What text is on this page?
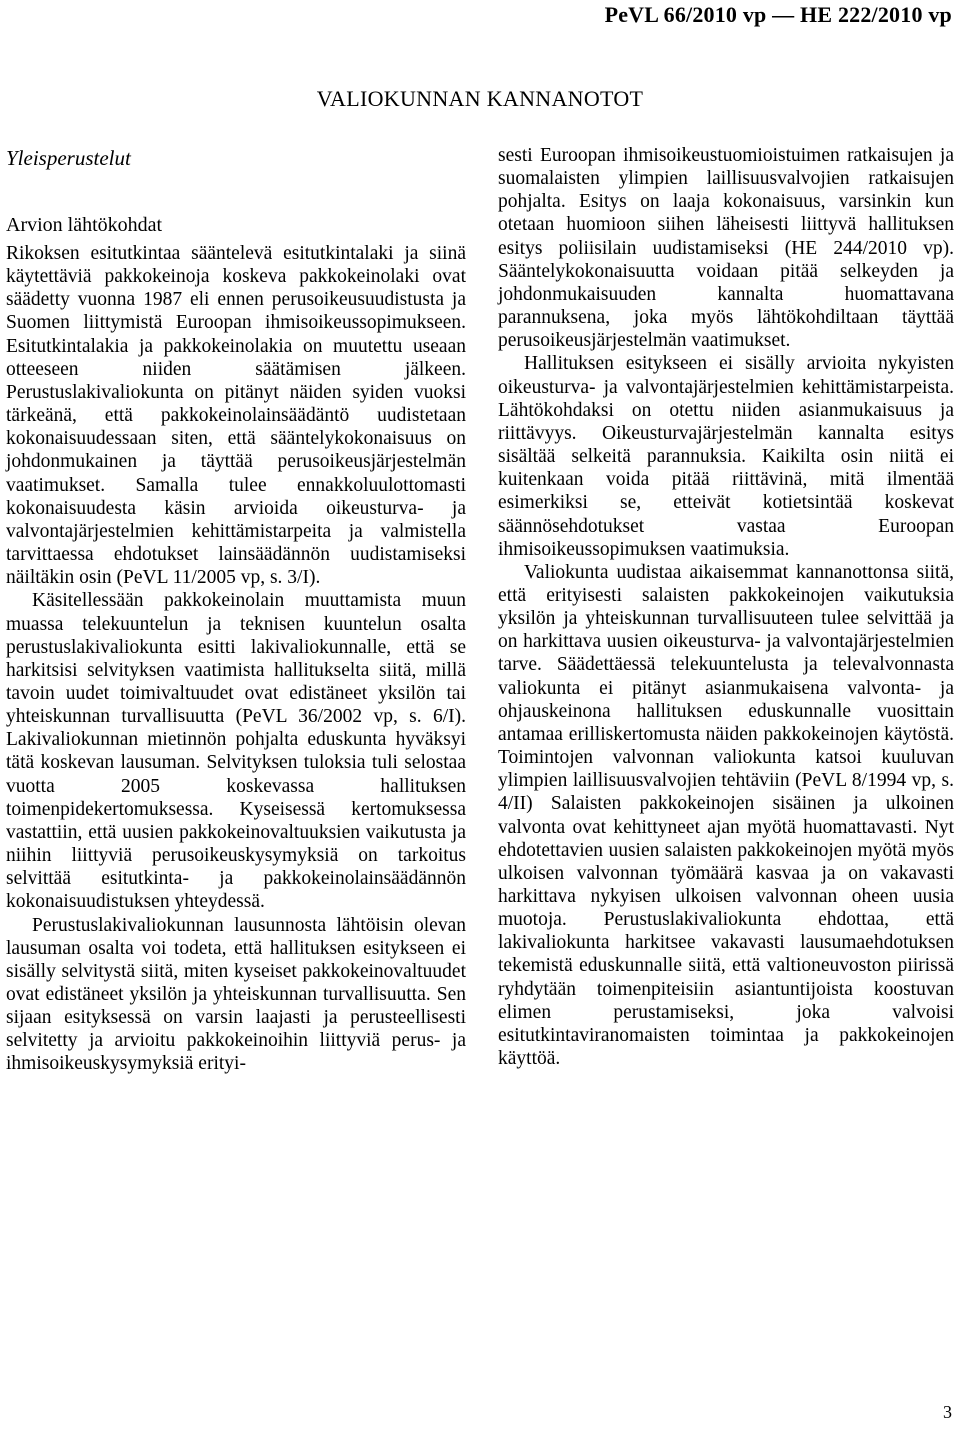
PeVL 66/2010 vp — HE 222/2010 vp
VALIOKUNNAN KANNANOTOT
Yleisperustelut
Arvion lähtökohdat

Rikoksen esitutkintaa sääntelevä esitutkintalaki ja siinä käytettäviä pakkokeinoja koskeva pakkokeinolaki ovat säädetty vuonna 1987 eli ennen perusoikeusuudistusta ja Suomen liittymistä Euroopan ihmisoikeussopimukseen. Esitutkintalakia ja pakkokeinolakia on muutettu useaan otteeseen niiden säätämisen jälkeen. Perustuslakivaliokunta on pitänyt näiden syiden vuoksi tärkeänä, että pakkokeinolainsäädäntö uudistetaan kokonaisuudessaan siten, että sääntelykokonaisuus on johdonmukainen ja täyttää perusoikeusjärjestelmän vaatimukset. Samalla tulee ennakkoluulottomasti kokonaisuudesta käsin arvioida oikeusturva- ja valvontajärjestelmien kehittämistarpeita ja valmistella tarvittaessa ehdotukset lainsäädännön uudistamiseksi näiltäkin osin (PeVL 11/2005 vp, s. 3/I).

Käsitellessään pakkokeinolain muuttamista muun muassa telekuuntelun ja teknisen kuuntelun osalta perustuslakivaliokunta esitti lakivaliokunnalle, että se harkitsisi selvityksen vaatimista hallitukselta siitä, millä tavoin uudet toimivaltuudet ovat edistäneet yksilön tai yhteiskunnan turvallisuutta (PeVL 36/2002 vp, s. 6/I). Lakivaliokunnan mietinnön pohjalta eduskunta hyväksyi tätä koskevan lausuman. Selvityksen tuloksia tuli selostaa vuotta 2005 koskevassa hallituksen toimenpidekertomuksessa. Kyseisessä kertomuksessa vastattiin, että uusien pakkokeinovaltuuksien vaikutusta ja niihin liittyviä perusoikeuskysymyksiä on tarkoitus selvittää esitutkinta- ja pakkokeinolainsäädännön kokonaisuudistuksen yhteydessä.

Perustuslakivaliokunnan lausunnosta lähtöisin olevan lausuman osalta voi todeta, että hallituksen esitykseen ei sisälly selvitystä siitä, miten kyseiset pakkokeinovaltuudet ovat edistäneet yksilön ja yhteiskunnan turvallisuutta. Sen sijaan esityksessä on varsin laajasti ja perusteellisesti selvitetty ja arvioitu pakkokeinoihin liittyviä perus- ja ihmisoikeuskysymyksiä erityi-

sesti Euroopan ihmisoikeustuomioistuimen ratkaisujen ja suomalaisten ylimpien laillisuusvalvojien ratkaisujen pohjalta. Esitys on laaja kokonaisuus, varsinkin kun otetaan huomioon siihen läheisesti liittyvä hallituksen esitys poliisilain uudistamiseksi (HE 244/2010 vp). Sääntelykokonaisuutta voidaan pitää selkeyden ja johdonmukaisuuden kannalta huomattavana parannuksena, joka myös lähtökohdiltaan täyttää perusoikeusjärjestelmän vaatimukset.

Hallituksen esitykseen ei sisälly arvioita nykyisten oikeusturva- ja valvontajärjestelmien kehittämistarpeista. Lähtökohdaksi on otettu niiden asianmukaisuus ja riittävyys. Oikeusturvajärjestelmän kannalta esitys sisältää selkeitä parannuksia. Kaikilta osin niitä ei kuitenkaan voida pitää riittävinä, mitä ilmentää esimerkiksi se, etteivät kotietsintää koskevat säännösehdotukset vastaa Euroopan ihmisoikeussopimuksen vaatimuksia.

Valiokunta uudistaa aikaisemmat kannanottonsa siitä, että erityisesti salaisten pakkokeinojen vaikutuksia yksilön ja yhteiskunnan turvallisuuteen tulee selvittää ja on harkittava uusien oikeusturva- ja valvontajärjestelmien tarve. Säädettäessä telekuuntelusta ja televalvonnasta valiokunta ei pitänyt asianmukaisena valvonta- ja ohjauskeinona hallituksen eduskunnalle vuosittain antamaa erilliskertomusta näiden pakkokeinojen käytöstä. Toimintojen valvonnan valiokunta katsoi kuuluvan ylimpien laillisuusvalvojien tehtäviin (PeVL 8/1994 vp, s. 4/II) Salaisten pakkokeinojen sisäinen ja ulkoinen valvonta ovat kehittyneet ajan myötä huomattavasti. Nyt ehdotettavien uusien salaisten pakkokeinojen myötä myös ulkoisen valvonnan työmäärä kasvaa ja on vakavasti harkittava nykyisen ulkoisen valvonnan oheen uusia muotoja. Perustuslakivaliokunta ehdottaa, että lakivaliokunta harkitsee vakavasti lausumaehdotuksen tekemistä eduskunnalle siitä, että valtioneuvoston piirissä ryhdytään toimenpiteisiin asiantuntijoista koostuvan elimen perustamiseksi, joka valvoisi esitutkintaviranomaisten toimintaa ja pakkokeinojen käyttöä.

3
